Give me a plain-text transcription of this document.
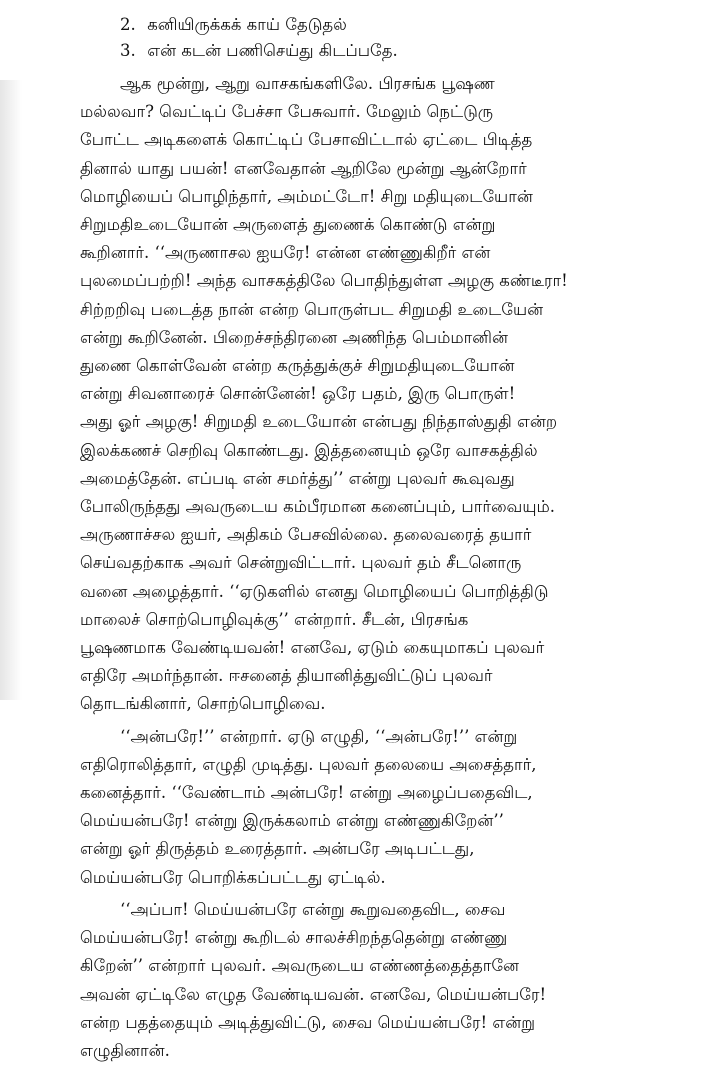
2. கனியிருக்கக் காய் தேடுதல்
3. என் கடன் பணிசெய்து கிடப்பதே.
ஆக மூன்று, ஆறு வாசகங்களிலே. பிரசங்க பூஷண
மல்லவா? வெட்டிப் பேச்சா பேசுவார். மேலும் நெட்டுரு
போட்ட அடிகளைக் கொட்டிப் பேசாவிட்டால் ஏட்டை பிடித்த
தினால் யாது பயன்! எனவேதான் ஆறிலே மூன்று ஆன்றோர்
மொழியைப் பொழிந்தார், அம்மட்டோ! சிறு மதியுடையோன்
சிறுமதிஉடையோன் அருளைத் துணைக் கொண்டு என்று
கூறினார். ‘‘அருணாசல ஐயரே! என்ன எண்ணுகிறீர் என்
புலமைப்பற்றி! அந்த வாசகத்திலே பொதிந்துள்ள அழகு கண்டீரா!
சிற்றறிவு படைத்த நான் என்ற பொருள்பட சிறுமதி உடையேன்
என்று கூறினேன். பிறைச்சந்திரனை அணிந்த பெம்மானின்
துணை கொள்வேன் என்ற கருத்துக்குச் சிறுமதியுடையோன்
என்று சிவனாரைச் சொன்னேன்! ஒரே பதம், இரு பொருள்!
அது ஓர் அழகு! சிறுமதி உடையோன் என்பது நிந்தாஸ்துதி என்ற
இலக்கணச் செறிவு கொண்டது. இத்தனையும் ஒரே வாசகத்தில்
அமைத்தேன். எப்படி என் சமர்த்து’’ என்று புலவர் கூவுவது
போலிருந்தது அவருடைய கம்பீரமான கனைப்பும், பார்வையும்.
அருணாச்சல ஐயர், அதிகம் பேசவில்லை. தலைவரைத் தயார்
செய்வதற்காக அவர் சென்றுவிட்டார். புலவர் தம் சீடனொரு
வனை அழைத்தார். ‘‘ஏடுகளில் எனது மொழியைப் பொறித்திடு
மாலைச் சொற்பொழிவுக்கு’’ என்றார். சீடன், பிரசங்க
பூஷணமாக வேண்டியவன்! எனவே, ஏடும் கையுமாகப் புலவர்
எதிரே அமர்ந்தான். ஈசனைத் தியானித்துவிட்டுப் புலவர்
தொடங்கினார், சொற்பொழிவை.
‘‘அன்பரே!’’ என்றார். ஏடு எழுதி, ‘‘அன்பரே!’’ என்று
எதிரொலித்தார், எழுதி முடித்து. புலவர் தலையை அசைத்தார்,
கனைத்தார். ‘‘வேண்டாம் அன்பரே! என்று அழைப்பதைவிட,
மெய்யன்பரே! என்று இருக்கலாம் என்று எண்ணுகிறேன்’’
என்று ஓர் திருத்தம் உரைத்தார். அன்பரே அடிபட்டது,
மெய்யன்பரே பொறிக்கப்பட்டது ஏட்டில்.
‘‘அப்பா! மெய்யன்பரே என்று கூறுவதைவிட, சைவ
மெய்யன்பரே! என்று கூறிடல் சாலச்சிறந்ததென்று எண்ணு
கிறேன்’’ என்றார் புலவர். அவருடைய எண்ணத்தைத்தானே
அவன் ஏட்டிலே எழுத வேண்டியவன். எனவே, மெய்யன்பரே!
என்ற பதத்தையும் அடித்துவிட்டு, சைவ மெய்யன்பரே! என்று
எழுதினான்.
